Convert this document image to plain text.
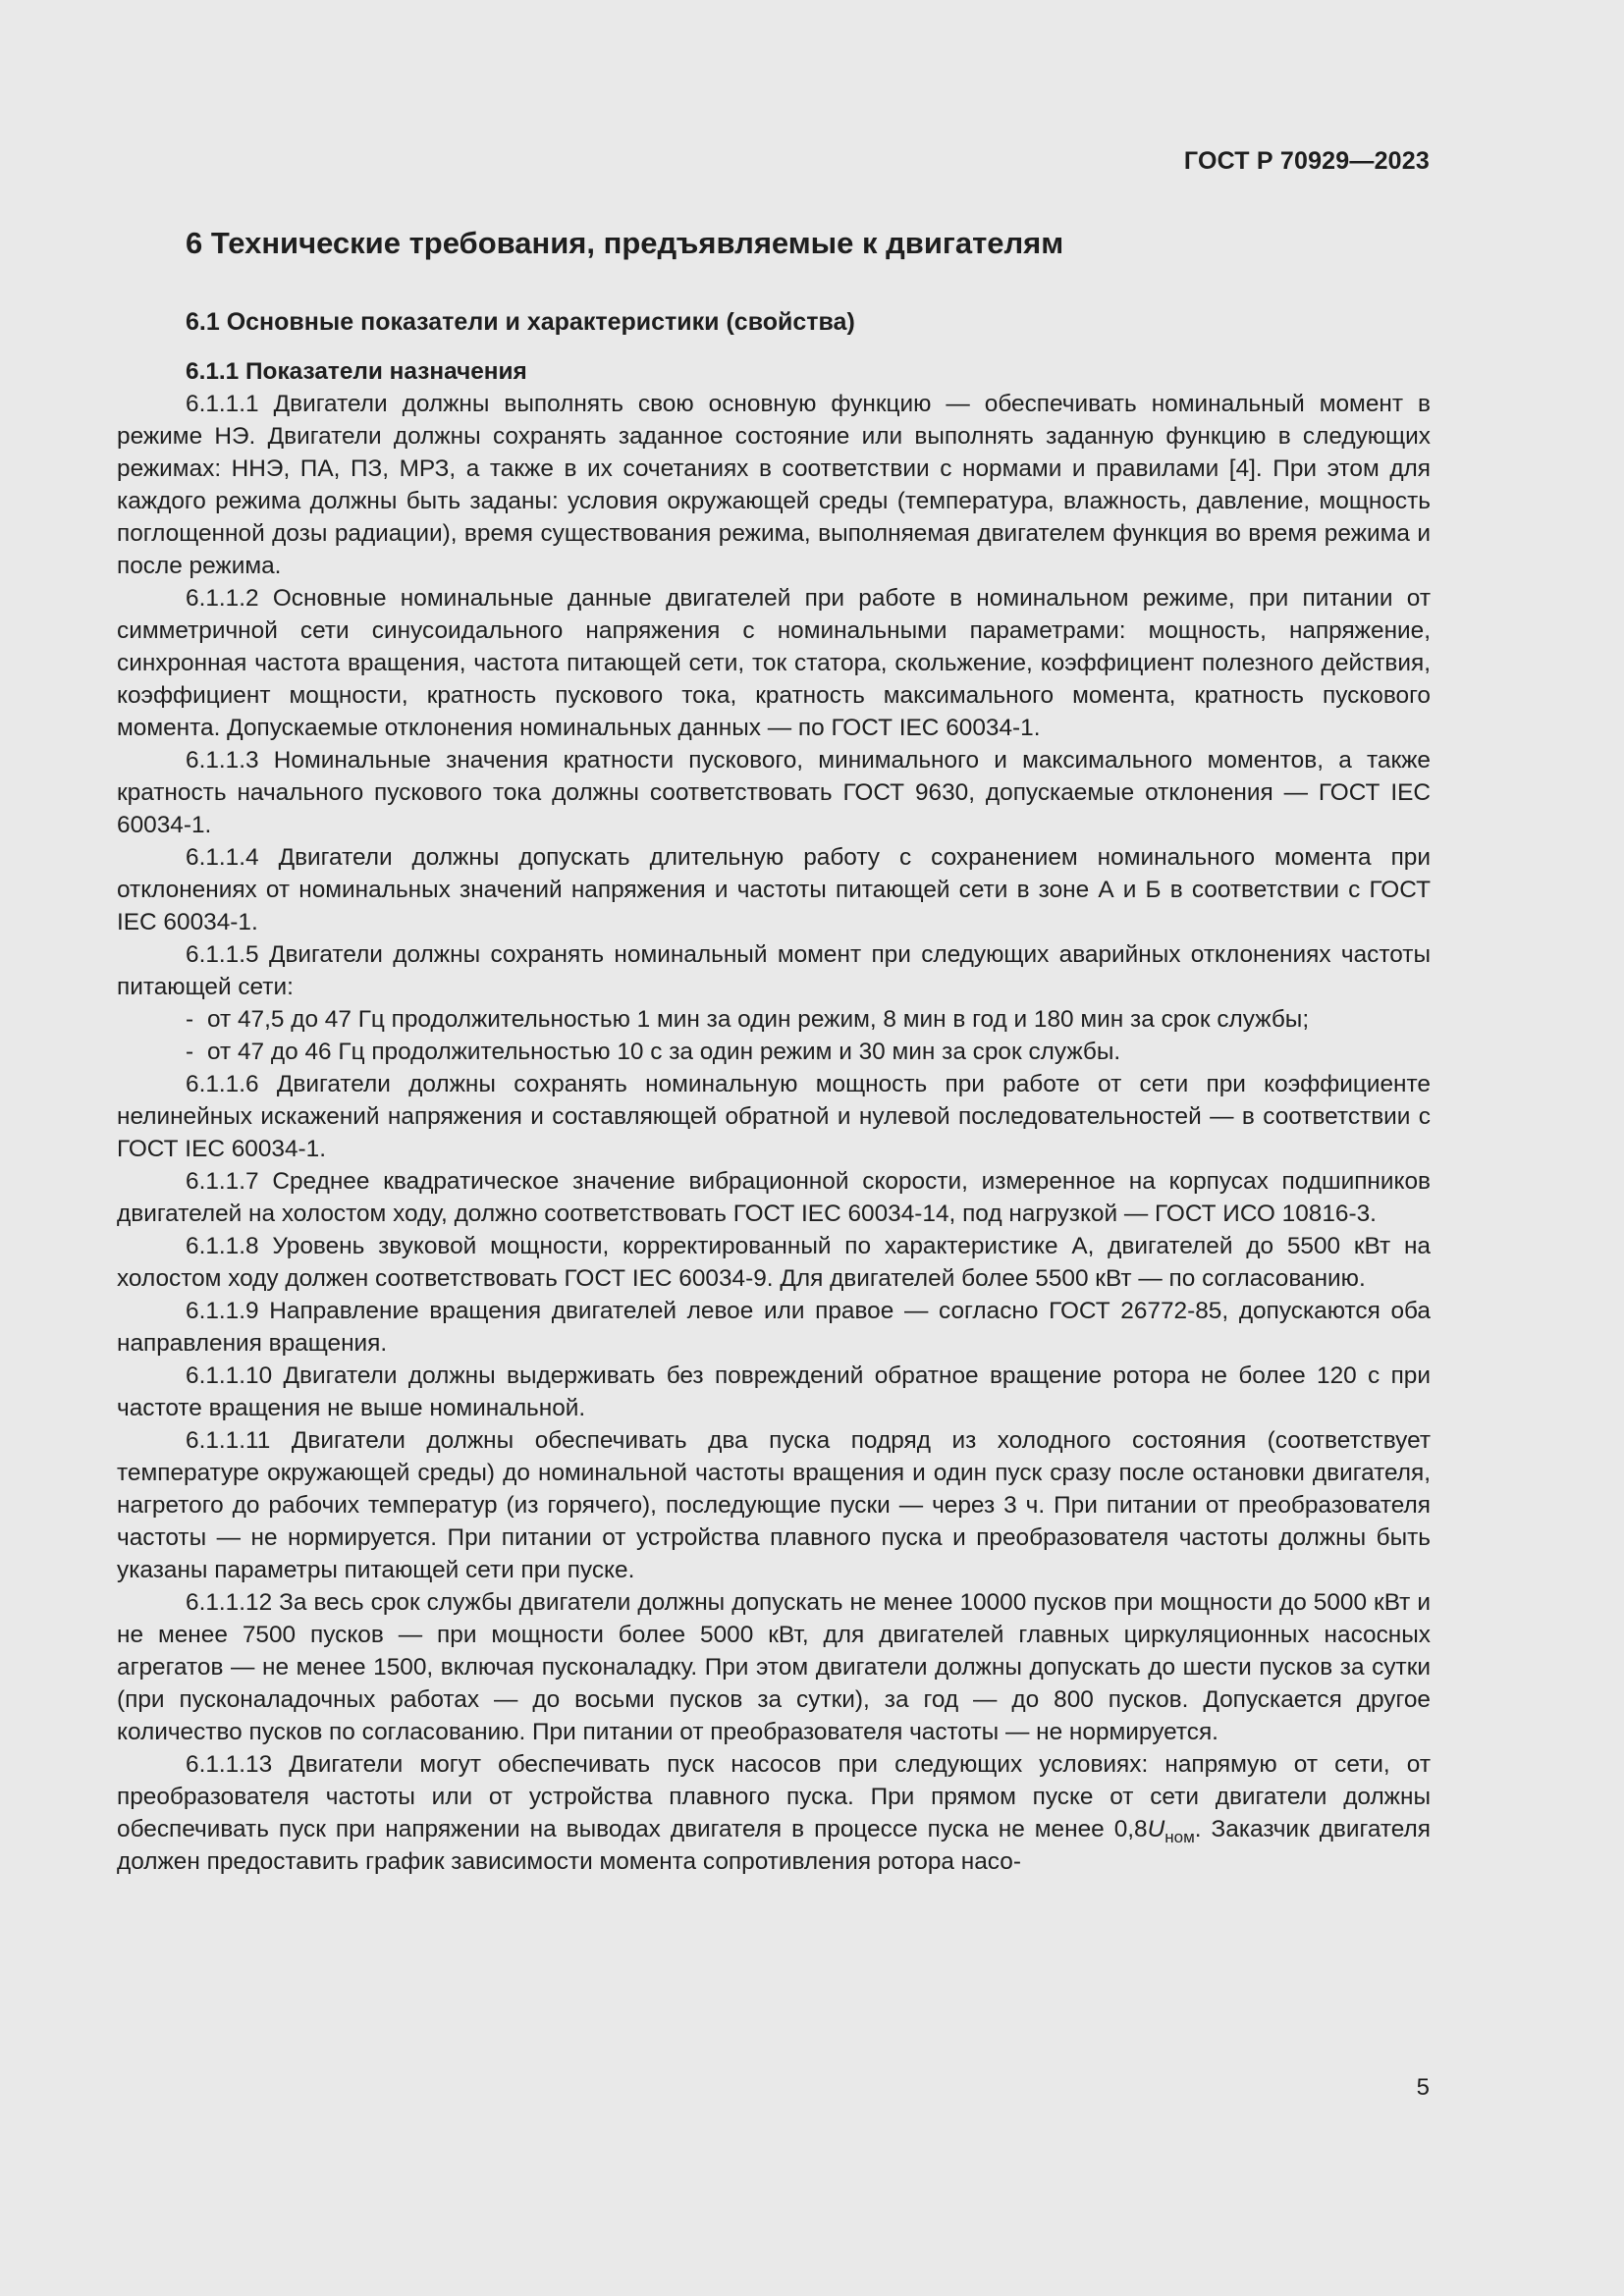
ГОСТ Р 70929—2023
6 Технические требования, предъявляемые к двигателям
6.1 Основные показатели и характеристики (свойства)

6.1.1 Показатели назначения

6.1.1.1 Двигатели должны выполнять свою основную функцию — обеспечивать номинальный момент в режиме НЭ. Двигатели должны сохранять заданное состояние или выполнять заданную функцию в следующих режимах: ННЭ, ПА, ПЗ, МРЗ, а также в их сочетаниях в соответствии с нормами и правилами [4]. При этом для каждого режима должны быть заданы: условия окружающей среды (температура, влажность, давление, мощность поглощенной дозы радиации), время существования режима, выполняемая двигателем функция во время режима и после режима.

6.1.1.2 Основные номинальные данные двигателей при работе в номинальном режиме, при питании от симметричной сети синусоидального напряжения с номинальными параметрами: мощность, напряжение, синхронная частота вращения, частота питающей сети, ток статора, скольжение, коэффициент полезного действия, коэффициент мощности, кратность пускового тока, кратность максимального момента, кратность пускового момента. Допускаемые отклонения номинальных данных — по ГОСТ IEC 60034-1.

6.1.1.3 Номинальные значения кратности пускового, минимального и максимального моментов, а также кратность начального пускового тока должны соответствовать ГОСТ 9630, допускаемые отклонения — ГОСТ IEC 60034-1.

6.1.1.4 Двигатели должны допускать длительную работу с сохранением номинального момента при отклонениях от номинальных значений напряжения и частоты питающей сети в зоне А и Б в соответствии с ГОСТ IEC 60034-1.

6.1.1.5 Двигатели должны сохранять номинальный момент при следующих аварийных отклонениях частоты питающей сети:

- от 47,5 до 47 Гц продолжительностью 1 мин за один режим, 8 мин в год и 180 мин за срок службы;

- от 47 до 46 Гц продолжительностью 10 с за один режим и 30 мин за срок службы.

6.1.1.6 Двигатели должны сохранять номинальную мощность при работе от сети при коэффициенте нелинейных искажений напряжения и составляющей обратной и нулевой последовательностей — в соответствии с ГОСТ IEC 60034-1.

6.1.1.7 Среднее квадратическое значение вибрационной скорости, измеренное на корпусах подшипников двигателей на холостом ходу, должно соответствовать ГОСТ IEC 60034-14, под нагрузкой — ГОСТ ИСО 10816-3.

6.1.1.8 Уровень звуковой мощности, корректированный по характеристике А, двигателей до 5500 кВт на холостом ходу должен соответствовать ГОСТ IEC 60034-9. Для двигателей более 5500 кВт — по согласованию.

6.1.1.9 Направление вращения двигателей левое или правое — согласно ГОСТ 26772-85, допускаются оба направления вращения.

6.1.1.10 Двигатели должны выдерживать без повреждений обратное вращение ротора не более 120 с при частоте вращения не выше номинальной.

6.1.1.11 Двигатели должны обеспечивать два пуска подряд из холодного состояния (соответствует температуре окружающей среды) до номинальной частоты вращения и один пуск сразу после остановки двигателя, нагретого до рабочих температур (из горячего), последующие пуски — через 3 ч. При питании от преобразователя частоты — не нормируется. При питании от устройства плавного пуска и преобразователя частоты должны быть указаны параметры питающей сети при пуске.

6.1.1.12 За весь срок службы двигатели должны допускать не менее 10000 пусков при мощности до 5000 кВт и не менее 7500 пусков — при мощности более 5000 кВт, для двигателей главных циркуляционных насосных агрегатов — не менее 1500, включая пусконаладку. При этом двигатели должны допускать до шести пусков за сутки (при пусконаладочных работах — до восьми пусков за сутки), за год — до 800 пусков. Допускается другое количество пусков по согласованию. При питании от преобразователя частоты — не нормируется.

6.1.1.13 Двигатели могут обеспечивать пуск насосов при следующих условиях: напрямую от сети, от преобразователя частоты или от устройства плавного пуска. При прямом пуске от сети двигатели должны обеспечивать пуск при напряжении на выводах двигателя в процессе пуска не менее $0,8U_{ном}$. Заказчик двигателя должен предоставить график зависимости момента сопротивления ротора насо-

5
